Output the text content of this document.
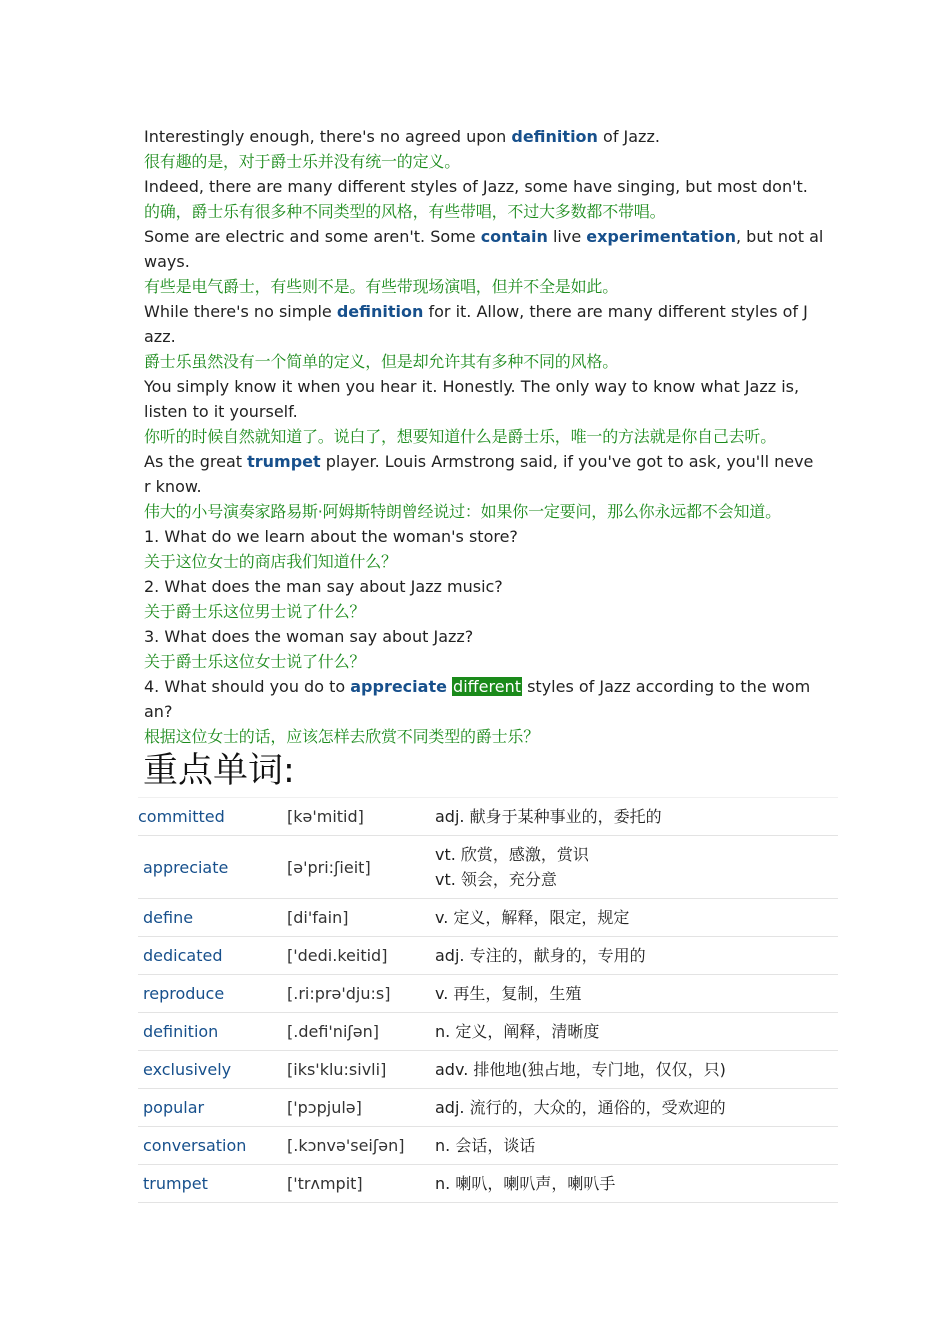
Interestingly enough, there's no agreed upon definition of Jazz.
很有趣的是，对于爵士乐并没有统一的定义。
Indeed, there are many different styles of Jazz, some have singing, but most don't.
的确，爵士乐有很多种不同类型的风格，有些带唱，不过大多数都不带唱。
Some are electric and some aren't. Some contain live experimentation, but not al
ways.
有些是电气爵士，有些则不是。有些带现场演唱，但并不全是如此。
While there's no simple definition for it. Allow, there are many different styles of J
azz.
爵士乐虽然没有一个简单的定义，但是却允许其有多种不同的风格。
You simply know it when you hear it. Honestly. The only way to know what Jazz is,
listen to it yourself.
你听的时候自然就知道了。说白了，想要知道什么是爵士乐，唯一的方法就是你自己去听。
As the great trumpet player. Louis Armstrong said, if you've got to ask, you'll neve
r know.
伟大的小号演奏家路易斯·阿姆斯特朗曾经说过：如果你一定要问，那么你永远都不会知道。
1. What do we learn about the woman's store?
关于这位女士的商店我们知道什么？
2. What does the man say about Jazz music?
关于爵士乐这位男士说了什么？
3. What does the woman say about Jazz?
关于爵士乐这位女士说了什么？
4. What should you do to appreciate different styles of Jazz according to the wom
an?
根据这位女士的话，应该怎样去欣赏不同类型的爵士乐？
重点单词:
committed	[kə'mitid]	adj. 献身于某种事业的，委托的

appreciate	[ə'pri:ʃieit]	vt. 欣赏，感激，赏识
vt. 领会，充分意

define	[di'fain]	v. 定义，解释，限定，规定

dedicated	['dedi.keitid]	adj. 专注的，献身的，专用的

reproduce	[.ri:prə'dju:s]	v. 再生，复制，生殖

definition	[.defi'niʃən]	n. 定义，阐释，清晰度

exclusively	[iks'klu:sivli]	adv. 排他地(独占地，专门地，仅仅，只)

popular	['pɔpjulə]	adj. 流行的，大众的，通俗的，受欢迎的

conversation	[.kɔnvə'seiʃən]	n. 会话，谈话

trumpet	['trʌmpit]	n. 喇叭，喇叭声，喇叭手
